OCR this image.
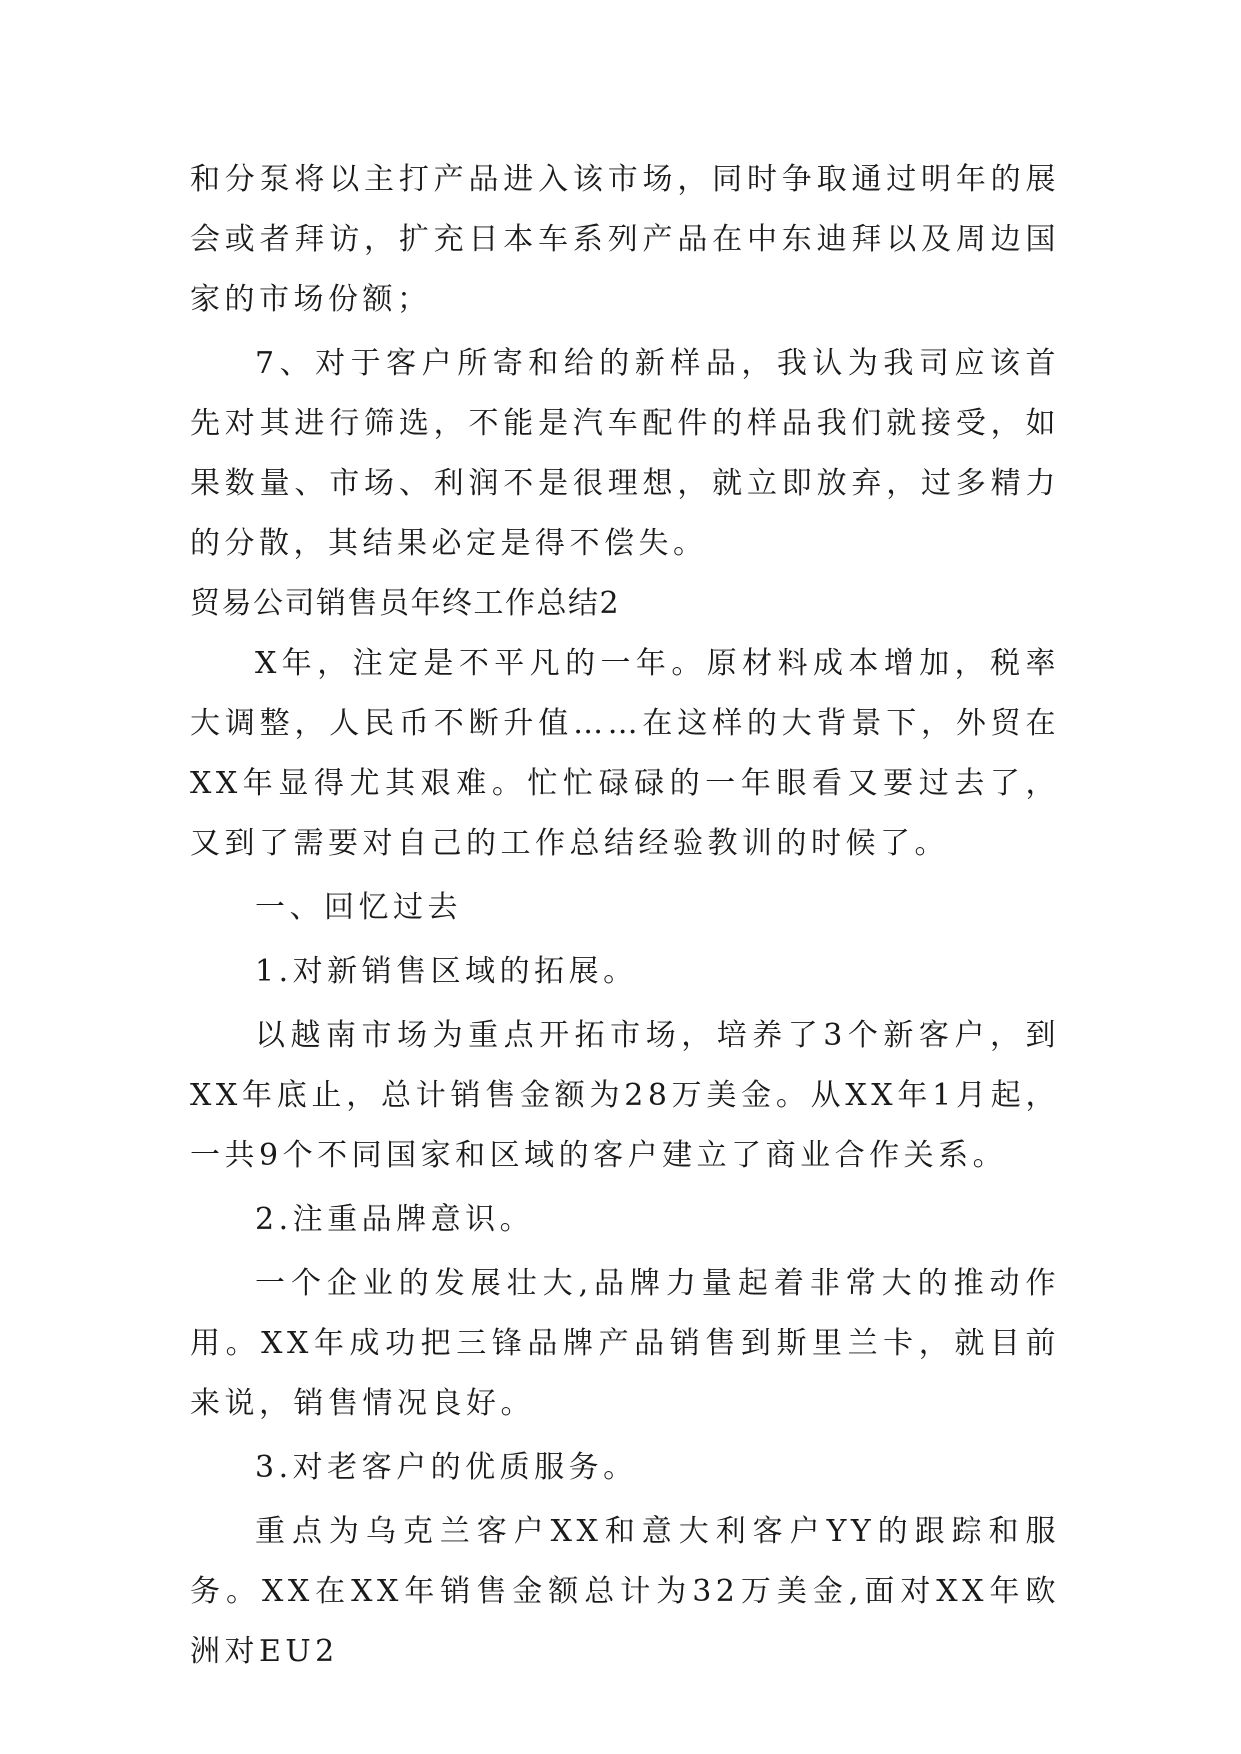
和分泵将以主打产品进入该市场，同时争取通过明年的展会或者拜访，扩充日本车系列产品在中东迪拜以及周边国家的市场份额；

7、对于客户所寄和给的新样品，我认为我司应该首先对其进行筛选，不能是汽车配件的样品我们就接受，如果数量、市场、利润不是很理想，就立即放弃，过多精力的分散，其结果必定是得不偿失。

贸易公司销售员年终工作总结2

X年，注定是不平凡的一年。原材料成本增加，税率大调整，人民币不断升值……在这样的大背景下，外贸在XX年显得尤其艰难。忙忙碌碌的一年眼看又要过去了，又到了需要对自己的工作总结经验教训的时候了。

一、回忆过去

1.对新销售区域的拓展。

以越南市场为重点开拓市场，培养了3个新客户，到XX年底止，总计销售金额为28万美金。从XX年1月起，一共9个不同国家和区域的客户建立了商业合作关系。

2.注重品牌意识。

一个企业的发展壮大,品牌力量起着非常大的推动作用。XX年成功把三锋品牌产品销售到斯里兰卡，就目前来说，销售情况良好。

3.对老客户的优质服务。

重点为乌克兰客户XX和意大利客户YY的跟踪和服务。XX在XX年销售金额总计为32万美金,面对XX年欧洲对EU2
